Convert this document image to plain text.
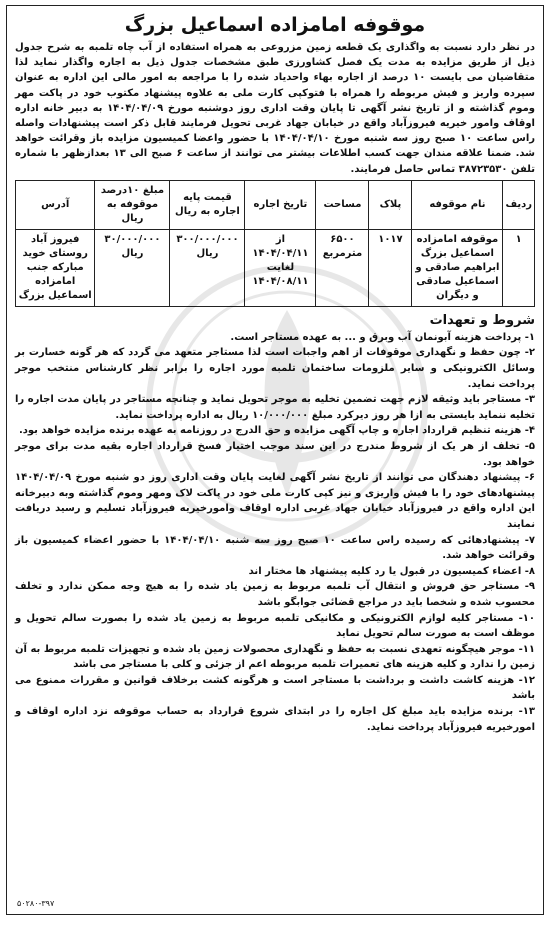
موقوفه امامزاده اسماعیل بزرگ
در نظر دارد نسبت به واگذاری یک قطعه زمین مزروعی به همراه استفاده از آب چاه تلمبه به شرح جدول ذیل از طریق مزایده به مدت یک فصل کشاورزی طبق مشخصات جدول ذیل به اجاره واگذار نماید لذا متقاضیان می بایست ۱۰ درصد از اجاره بهاء واحدیاد شده را با مراجعه به امور مالی این اداره به عنوان سپرده واریز و فیش مربوطه را همراه با فتوکپی کارت ملی به علاوه پیشنهاد مکتوب خود در پاکت مهر وموم گذاشته و از تاریخ نشر آگهی تا پایان وقت اداری روز دوشنبه مورخ ۱۴۰۴/۰۴/۰۹ به دبیر خانه اداره اوقاف وامور خیریه فیروزآباد واقع در خیابان جهاد غربی تحویل فرمایند قابل ذکر است پیشنهادات واصله راس ساعت ۱۰ صبح روز سه شنبه مورخ ۱۴۰۴/۰۴/۱۰ با حضور واعضا کمیسیون مزایده باز وقرائت خواهد شد. ضمنا علاقه مندان جهت کسب اطلاعات بیشتر می توانند از ساعت ۶ صبح الی ۱۳ بعدازظهر با شماره تلفن ۳۸۷۲۳۵۳۰ تماس حاصل فرمایند.
ردیف	نام موقوفه	پلاک	مساحت	تاریخ اجاره	قیمت پایه اجاره به ریال	مبلغ ۱۰درصد موقوفه به ریال	آدرس
۱	موقوفه امامزاده اسماعیل بزرگ ابراهیم صادقی و اسماعیل صادقی و دیگران	۱۰۱۷	۶۵۰۰ مترمربع	از ۱۴۰۴/۰۴/۱۱ لغایت ۱۴۰۴/۰۸/۱۱	۳۰۰/۰۰۰/۰۰۰ ریال	۳۰/۰۰۰/۰۰۰ ریال	فیروز آباد روستای خوید مبارکه جنب امامزاده اسماعیل بزرگ
شروط و تعهدات
۱- پرداخت هزینه آبونمان آب وبرق و ... به عهده مستاجر است.
۲- چون حفظ و نگهداری موقوفات از اهم واجبات است لذا مستاجر متعهد می گردد که هر گونه خسارت بر وسائل الکترونیکی و سایر ملزومات ساختمان تلمبه مورد اجاره را برابر نظر کارشناس منتخب موجر پرداخت نماید.
۳- مستاجر باید وثیقه لازم جهت تضمین تخلیه به موجر تحویل نماید و چنانچه مستاجر در پایان مدت اجاره را تخلیه ننماید بایستی به ازا هر روز دیرکرد مبلغ ۱۰/۰۰۰/۰۰۰ ریال به اداره پرداخت نماید.
۴- هزینه تنظیم قرارداد اجاره و چاپ آگهی مزایده و حق الدرج در روزنامه به عهده برنده مزایده خواهد بود.
۵- تخلف از هر یک از شروط مندرج در این سند موجب اختیار فسخ قرارداد اجاره بقیه مدت برای موجر خواهد بود.
۶- پیشنهاد دهندگان می توانند از تاریخ نشر آگهی لغایت پایان وقت اداری روز دو شنبه مورخ ۱۴۰۴/۰۴/۰۹ پیشنهادهای خود را با فیش واریزی و نیز کپی کارت ملی خود در پاکت لاک ومهر وموم گذاشته وبه دبیرخانه این اداره واقع در فیروزآباد خیابان جهاد غربی اداره اوقاف وامورخیریه فیروزآباد تسلیم و رسید دریافت نمایند
۷- پیشنهادهائی که رسیده راس ساعت ۱۰ صبح روز سه شنبه ۱۴۰۴/۰۴/۱۰ با حضور اعضاء کمیسیون باز وقرائت خواهد شد.
۸- اعضاء کمیسیون در قبول یا رد کلیه پیشنهاد ها مختار اند
۹- مستاجر حق فروش و انتقال آب تلمبه مربوط به زمین یاد شده را به هیچ وجه ممکن ندارد و تخلف محسوب شده و شخصا باید در مراجع قضائی جوابگو باشد
۱۰- مستاجر کلیه لوازم الکترونیکی و مکانیکی تلمبه مربوط به زمین یاد شده را بصورت سالم تحویل و موظف است به صورت سالم تحویل نماید
۱۱- موجر هیچگونه تعهدی نسبت به حفظ و نگهداری محصولات زمین یاد شده و تجهیزات تلمبه مربوط به آن زمین را ندارد و کلیه هزینه های تعمیرات تلمبه مربوطه اعم از جزئی و کلی با مستاجر می باشد
۱۲- هزینه کاشت داشت و برداشت با مستاجر است و هرگونه کشت برخلاف قوانین و مقررات ممنوع می باشد
۱۳- برنده مزایده باید مبلغ کل اجاره را در ابتدای شروع قرارداد به حساب موقوفه نزد اداره اوقاف و امورخیریه فیروزآباد پرداخت نماید.
۵۰۲۸۰-۳۹۷
